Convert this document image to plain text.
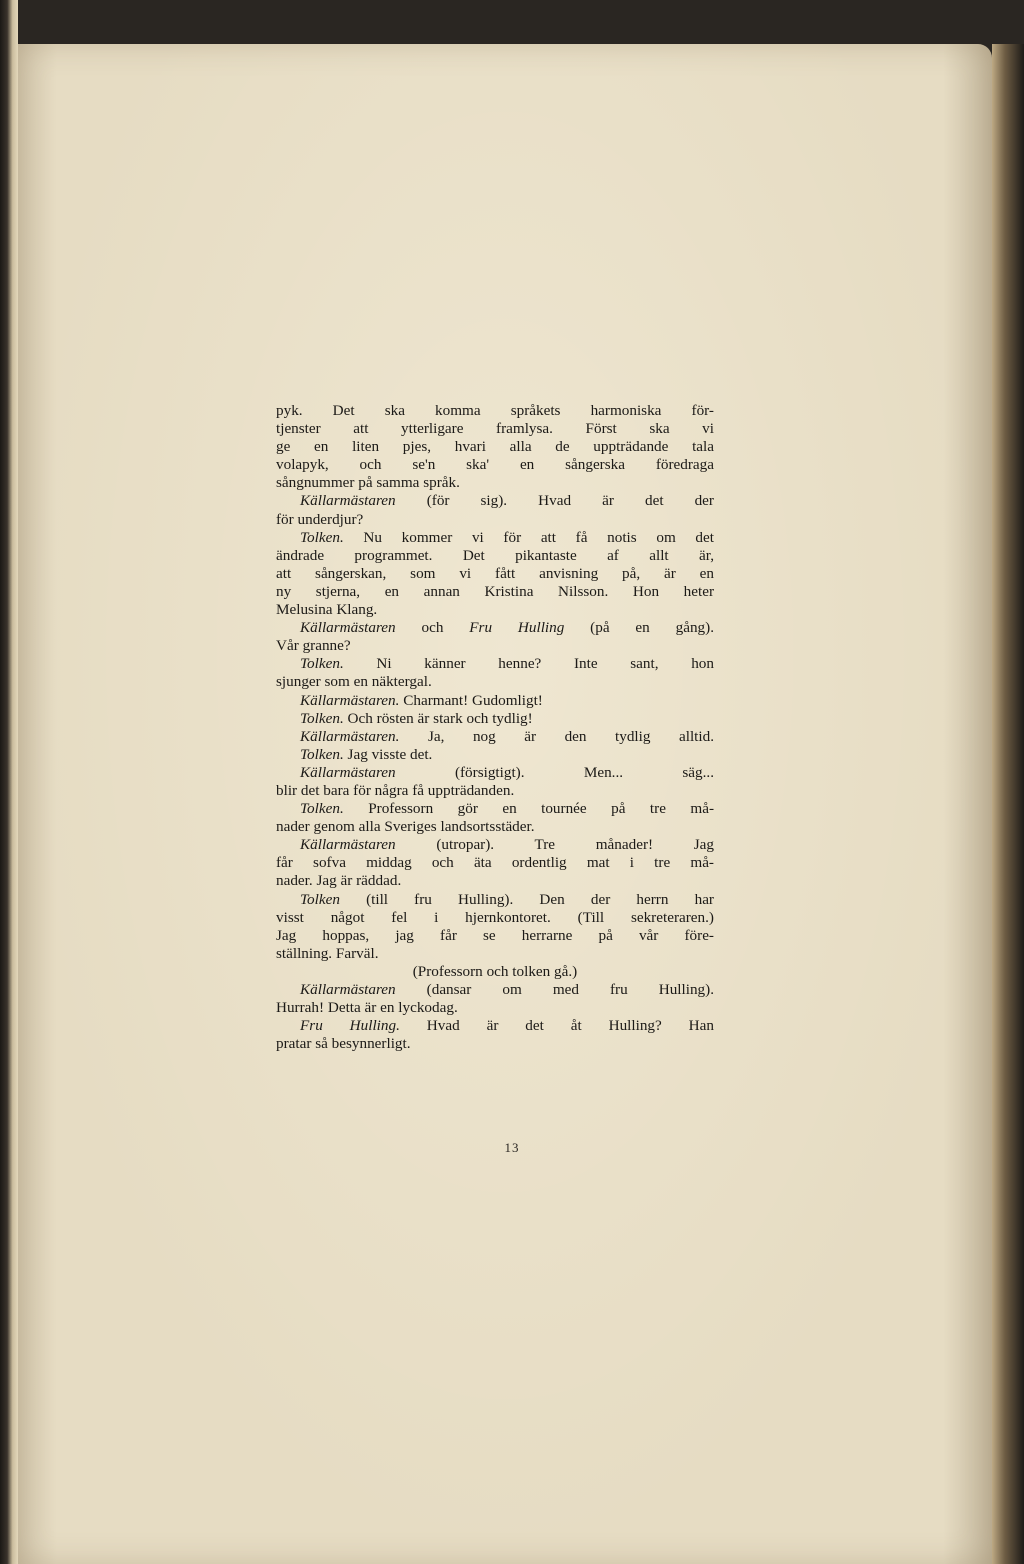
pyk. Det ska komma språkets harmoniska för-
tjenster att ytterligare framlysa. Först ska vi
ge en liten pjes, hvari alla de uppträdande tala
volapyk, och se'n ska' en sångerska föredraga
sångnummer på samma språk.
Källarmästaren (för sig). Hvad är det der
för underdjur?
Tolken. Nu kommer vi för att få notis om det
ändrade programmet. Det pikantaste af allt är,
att sångerskan, som vi fått anvisning på, är en
ny stjerna, en annan Kristina Nilsson. Hon heter
Melusina Klang.
Källarmästaren och Fru Hulling (på en gång).
Vår granne?
Tolken. Ni känner henne? Inte sant, hon
sjunger som en näktergal.
Källarmästaren. Charmant! Gudomligt!
Tolken. Och rösten är stark och tydlig!
Källarmästaren. Ja, nog är den tydlig alltid.
Tolken. Jag visste det.
Källarmästaren (försigtigt). Men... säg...
blir det bara för några få uppträdanden.
Tolken. Professorn gör en tournée på tre må-
nader genom alla Sveriges landsortsstäder.
Källarmästaren (utropar). Tre månader! Jag
får sofva middag och äta ordentlig mat i tre må-
nader. Jag är räddad.
Tolken (till fru Hulling). Den der herrn har
visst något fel i hjernkontoret. (Till sekreteraren.)
Jag hoppas, jag får se herrarne på vår före-
ställning. Farväl.
(Professorn och tolken gå.)
Källarmästaren (dansar om med fru Hulling).
Hurrah! Detta är en lyckodag.
Fru Hulling. Hvad är det åt Hulling? Han
pratar så besynnerligt.
13
